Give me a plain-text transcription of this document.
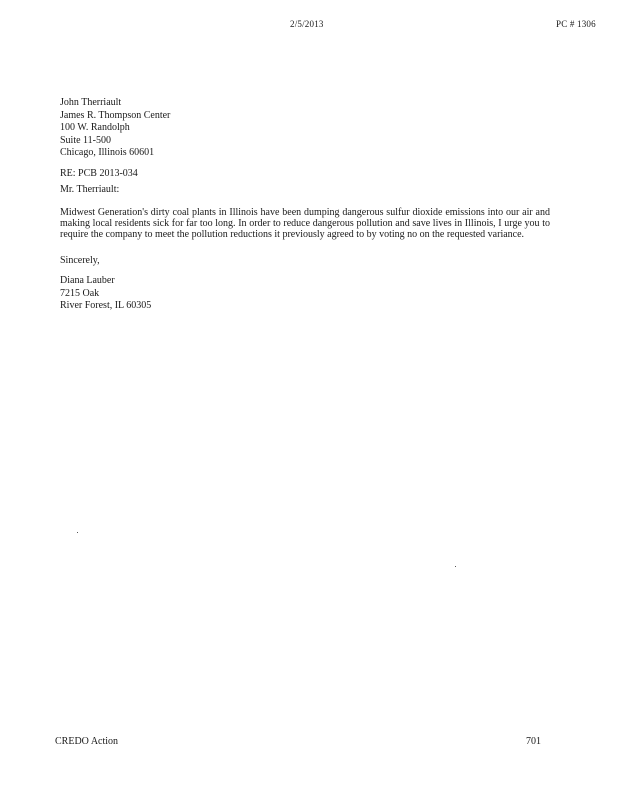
2/5/2013	PC # 1306
John Therriault
James R. Thompson Center
100 W. Randolph
Suite 11-500
Chicago, Illinois 60601
RE: PCB 2013-034
Mr. Therriault:
Midwest Generation's dirty coal plants in Illinois have been dumping dangerous sulfur dioxide emissions into our air and making local residents sick for far too long. In order to reduce dangerous pollution and save lives in Illinois, I urge you to require the company to meet the pollution reductions it previously agreed to by voting no on the requested variance.
Sincerely,
Diana Lauber
7215 Oak
River Forest, IL 60305
CREDO Action	701
